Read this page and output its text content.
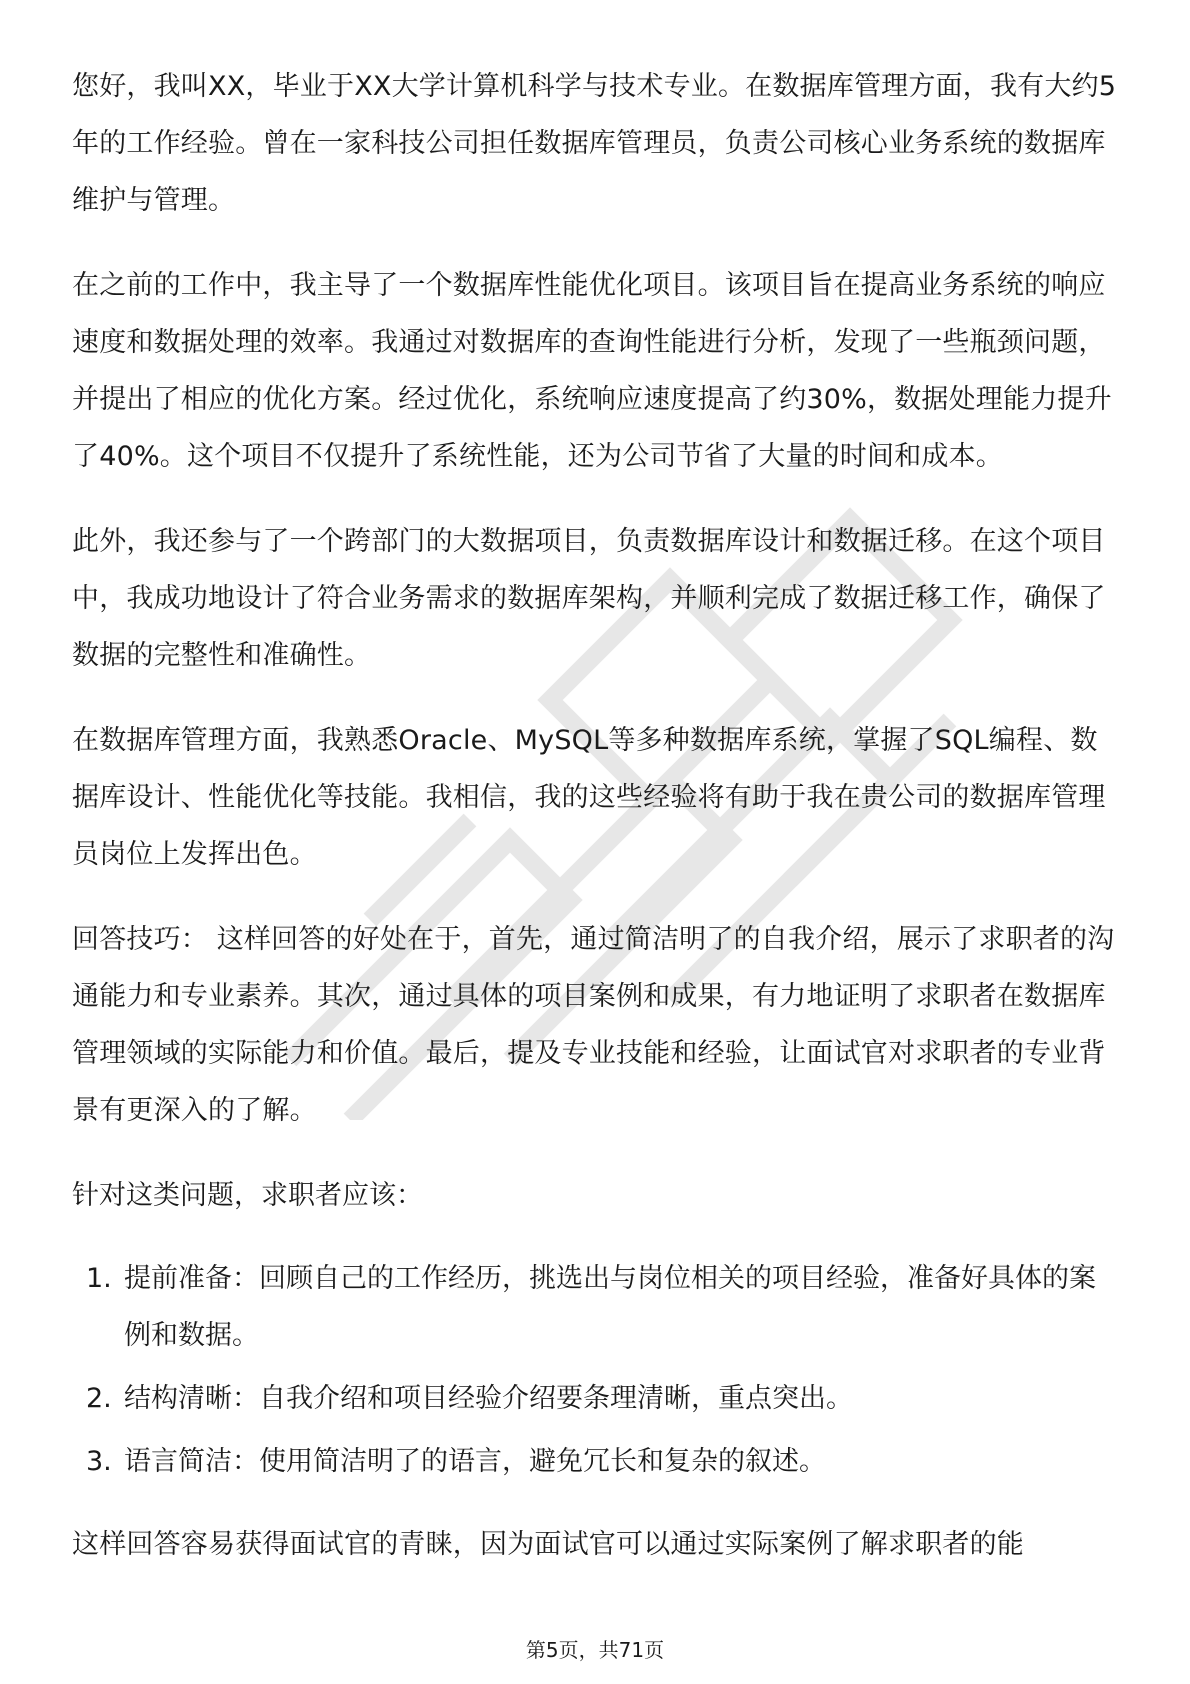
您好，我叫XX，毕业于XX大学计算机科学与技术专业。在数据库管理方面，我有大约5年的工作经验。曾在一家科技公司担任数据库管理员，负责公司核心业务系统的数据库维护与管理。

在之前的工作中，我主导了一个数据库性能优化项目。该项目旨在提高业务系统的响应速度和数据处理的效率。我通过对数据库的查询性能进行分析，发现了一些瓶颈问题，并提出了相应的优化方案。经过优化，系统响应速度提高了约30%，数据处理能力提升了40%。这个项目不仅提升了系统性能，还为公司节省了大量的时间和成本。

此外，我还参与了一个跨部门的大数据项目，负责数据库设计和数据迁移。在这个项目中，我成功地设计了符合业务需求的数据库架构，并顺利完成了数据迁移工作，确保了数据的完整性和准确性。

在数据库管理方面，我熟悉Oracle、MySQL等多种数据库系统，掌握了SQL编程、数据库设计、性能优化等技能。我相信，我的这些经验将有助于我在贵公司的数据库管理员岗位上发挥出色。

回答技巧： 这样回答的好处在于，首先，通过简洁明了的自我介绍，展示了求职者的沟通能力和专业素养。其次，通过具体的项目案例和成果，有力地证明了求职者在数据库管理领域的实际能力和价值。最后，提及专业技能和经验，让面试官对求职者的专业背景有更深入的了解。

针对这类问题，求职者应该：

1. 提前准备：回顾自己的工作经历，挑选出与岗位相关的项目经验，准备好具体的案例和数据。
2. 结构清晰：自我介绍和项目经验介绍要条理清晰，重点突出。
3. 语言简洁：使用简洁明了的语言，避免冗长和复杂的叙述。

这样回答容易获得面试官的青睐，因为面试官可以通过实际案例了解求职者的能

第5页，共71页
